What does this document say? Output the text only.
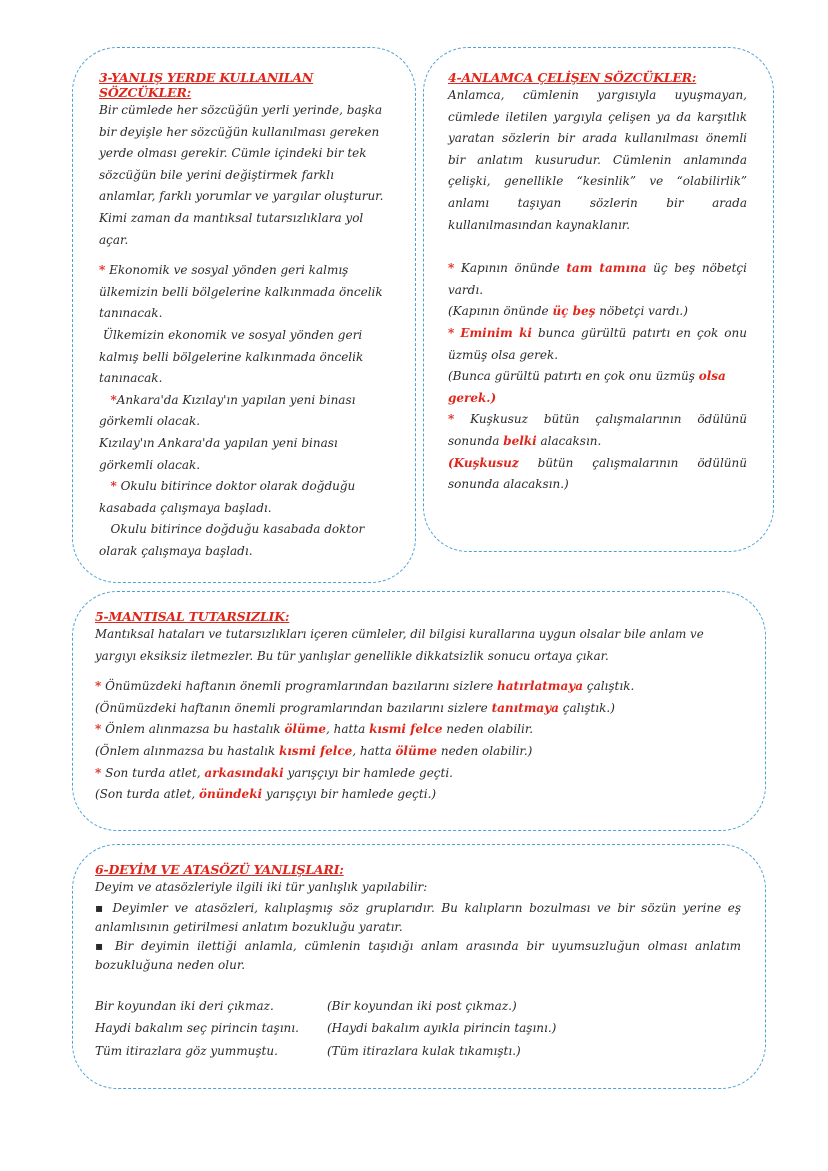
3-YANLIŞ YERDE KULLANILAN SÖZCÜKLER:

Bir cümlede her sözcüğün yerli yerinde, başka bir deyişle her sözcüğün kullanılması gereken yerde olması gerekir. Cümle içindeki bir tek sözcüğün bile yerini değiştirmek farklı anlamlar, farklı yorumlar ve yargılar oluşturur. Kimi zaman da mantıksal tutarsızlıklara yol açar.

* Ekonomik ve sosyal yönden geri kalmış ülkemizin belli bölgelerine kalkınmada öncelik tanınacak.

Ülkemizin ekonomik ve sosyal yönden geri kalmış belli bölgelerine kalkınmada öncelik tanınacak.

*Ankara'da Kızılay'ın yapılan yeni binası görkemli olacak.

Kızılay'ın Ankara'da yapılan yeni binası görkemli olacak.

* Okulu bitirince doktor olarak doğduğu kasabada çalışmaya başladı.

Okulu bitirince doğduğu kasabada doktor olarak çalışmaya başladı.

4-ANLAMCA ÇELİŞEN SÖZCÜKLER:

Anlamca, cümlenin yargısıyla uyuşmayan, cümlede iletilen yargıyla çelişen ya da karşıtlık yaratan sözlerin bir arada kullanılması önemli bir anlatım kusurudur. Cümlenin anlamında çelişki, genellikle “kesinlik” ve “olabilirlik” anlamı taşıyan sözlerin bir arada kullanılmasından kaynaklanır.

* Kapının önünde tam tamına üç beş nöbetçi vardı.

(Kapının önünde üç beş nöbetçi vardı.)

* Eminim ki bunca gürültü patırtı en çok onu üzmüş olsa gerek.

(Bunca gürültü patırtı en çok onu üzmüş olsa gerek.)

* Kuşkusuz bütün çalışmalarının ödülünü sonunda belki alacaksın.

(Kuşkusuz bütün çalışmalarının ödülünü sonunda alacaksın.)

5-MANTISAL TUTARSIZLIK:

Mantıksal hataları ve tutarsızlıkları içeren cümleler, dil bilgisi kurallarına uygun olsalar bile anlam ve yargıyı eksiksiz iletmezler. Bu tür yanlışlar genellikle dikkatsizlik sonucu ortaya çıkar.

* Önümüzdeki haftanın önemli programlarından bazılarını sizlere hatırlatmaya çalıştık.

(Önümüzdeki haftanın önemli programlarından bazılarını sizlere tanıtmaya çalıştık.)

* Önlem alınmazsa bu hastalık ölüme, hatta kısmi felce neden olabilir.

(Önlem alınmazsa bu hastalık kısmi felce, hatta ölüme neden olabilir.)

* Son turda atlet, arkasındaki yarışçıyı bir hamlede geçti.

(Son turda atlet, önündeki yarışçıyı bir hamlede geçti.)

6-DEYİM VE ATASÖZÜ YANLIŞLARI:

Deyim ve atasözleriyle ilgili iki tür yanlışlık yapılabilir:

▪ Deyimler ve atasözleri, kalıplaşmış söz gruplarıdır. Bu kalıpların bozulması ve bir sözün yerine eş anlamlısının getirilmesi anlatım bozukluğu yaratır.

▪ Bir deyimin ilettiği anlamla, cümlenin taşıdığı anlam arasında bir uyumsuzluğun olması anlatım bozukluğuna neden olur.

Bir koyundan iki deri çıkmaz.	(Bir koyundan iki post çıkmaz.)

Haydi bakalım seç pirincin taşını.	(Haydi bakalım ayıkla pirincin taşını.)

Tüm itirazlara göz yummuştu.	(Tüm itirazlara kulak tıkamıştı.)
